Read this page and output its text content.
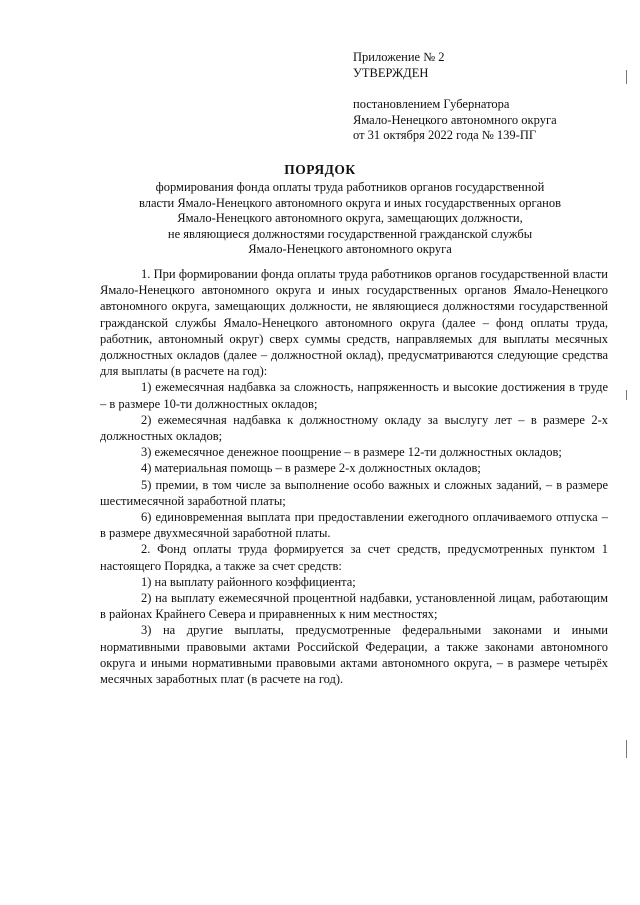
Приложение № 2
УТВЕРЖДЕН
постановлением Губернатора
Ямало-Ненецкого автономного округа
от 31 октября 2022 года № 139-ПГ
ПОРЯДОК
формирования фонда оплаты труда работников органов государственной
власти Ямало-Ненецкого автономного округа и иных государственных органов
Ямало-Ненецкого автономного округа, замещающих должности,
не являющиеся должностями государственной гражданской службы
Ямало-Ненецкого автономного округа

1. При формировании фонда оплаты труда работников органов государственной власти Ямало-Ненецкого автономного округа и иных государственных органов Ямало-Ненецкого автономного округа, замещающих должности, не являющиеся должностями государственной гражданской службы Ямало-Ненецкого автономного округа (далее – фонд оплаты труда, работник, автономный округ) сверх суммы средств, направляемых для выплаты месячных должностных окладов (далее – должностной оклад), предусматриваются следующие средства для выплаты (в расчете на год):

1) ежемесячная надбавка за сложность, напряженность и высокие достижения в труде – в размере 10-ти должностных окладов;

2) ежемесячная надбавка к должностному окладу за выслугу лет – в размере 2-х должностных окладов;

3) ежемесячное денежное поощрение – в размере 12-ти должностных окладов;

4) материальная помощь – в размере 2-х должностных окладов;

5) премии, в том числе за выполнение особо важных и сложных заданий, – в размере шестимесячной заработной платы;

6) единовременная выплата при предоставлении ежегодного оплачиваемого отпуска – в размере двухмесячной заработной платы.

2. Фонд оплаты труда формируется за счет средств, предусмотренных пунктом 1 настоящего Порядка, а также за счет средств:

1) на выплату районного коэффициента;

2) на выплату ежемесячной процентной надбавки, установленной лицам, работающим в районах Крайнего Севера и приравненных к ним местностях;

3) на другие выплаты, предусмотренные федеральными законами и иными нормативными правовыми актами Российской Федерации, а также законами автономного округа и иными нормативными правовыми актами автономного округа, – в размере четырёх месячных заработных плат (в расчете на год).
